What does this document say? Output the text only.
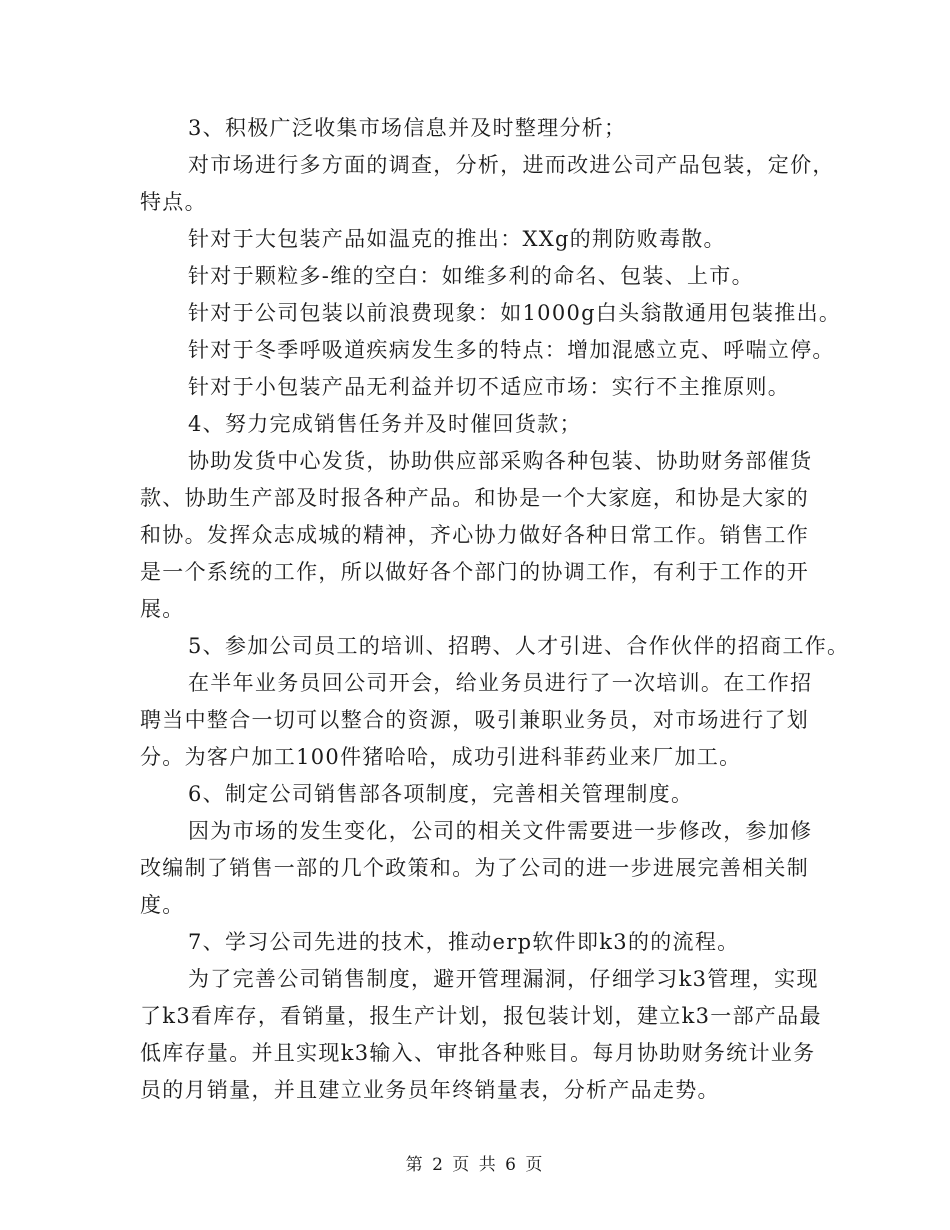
3、积极广泛收集市场信息并及时整理分析；
对市场进行多方面的调查，分析，进而改进公司产品包装，定价，
特点。
针对于大包装产品如温克的推出：XXg的荆防败毒散。
针对于颗粒多-维的空白：如维多利的命名、包装、上市。
针对于公司包装以前浪费现象：如1000g白头翁散通用包装推出。
针对于冬季呼吸道疾病发生多的特点：增加混感立克、呼喘立停。
针对于小包装产品无利益并切不适应市场：实行不主推原则。
4、努力完成销售任务并及时催回货款；
协助发货中心发货，协助供应部采购各种包装、协助财务部催货
款、协助生产部及时报各种产品。和协是一个大家庭，和协是大家的
和协。发挥众志成城的精神，齐心协力做好各种日常工作。销售工作
是一个系统的工作，所以做好各个部门的协调工作，有利于工作的开
展。
5、参加公司员工的培训、招聘、人才引进、合作伙伴的招商工作。
在半年业务员回公司开会，给业务员进行了一次培训。在工作招
聘当中整合一切可以整合的资源，吸引兼职业务员，对市场进行了划
分。为客户加工100件猪哈哈，成功引进科菲药业来厂加工。
6、制定公司销售部各项制度，完善相关管理制度。
因为市场的发生变化，公司的相关文件需要进一步修改，参加修
改编制了销售一部的几个政策和。为了公司的进一步进展完善相关制
度。
7、学习公司先进的技术，推动erp软件即k3的的流程。
为了完善公司销售制度，避开管理漏洞，仔细学习k3管理，实现
了k3看库存，看销量，报生产计划，报包装计划，建立k3一部产品最
低库存量。并且实现k3输入、审批各种账目。每月协助财务统计业务
员的月销量，并且建立业务员年终销量表，分析产品走势。
第 2 页 共 6 页
